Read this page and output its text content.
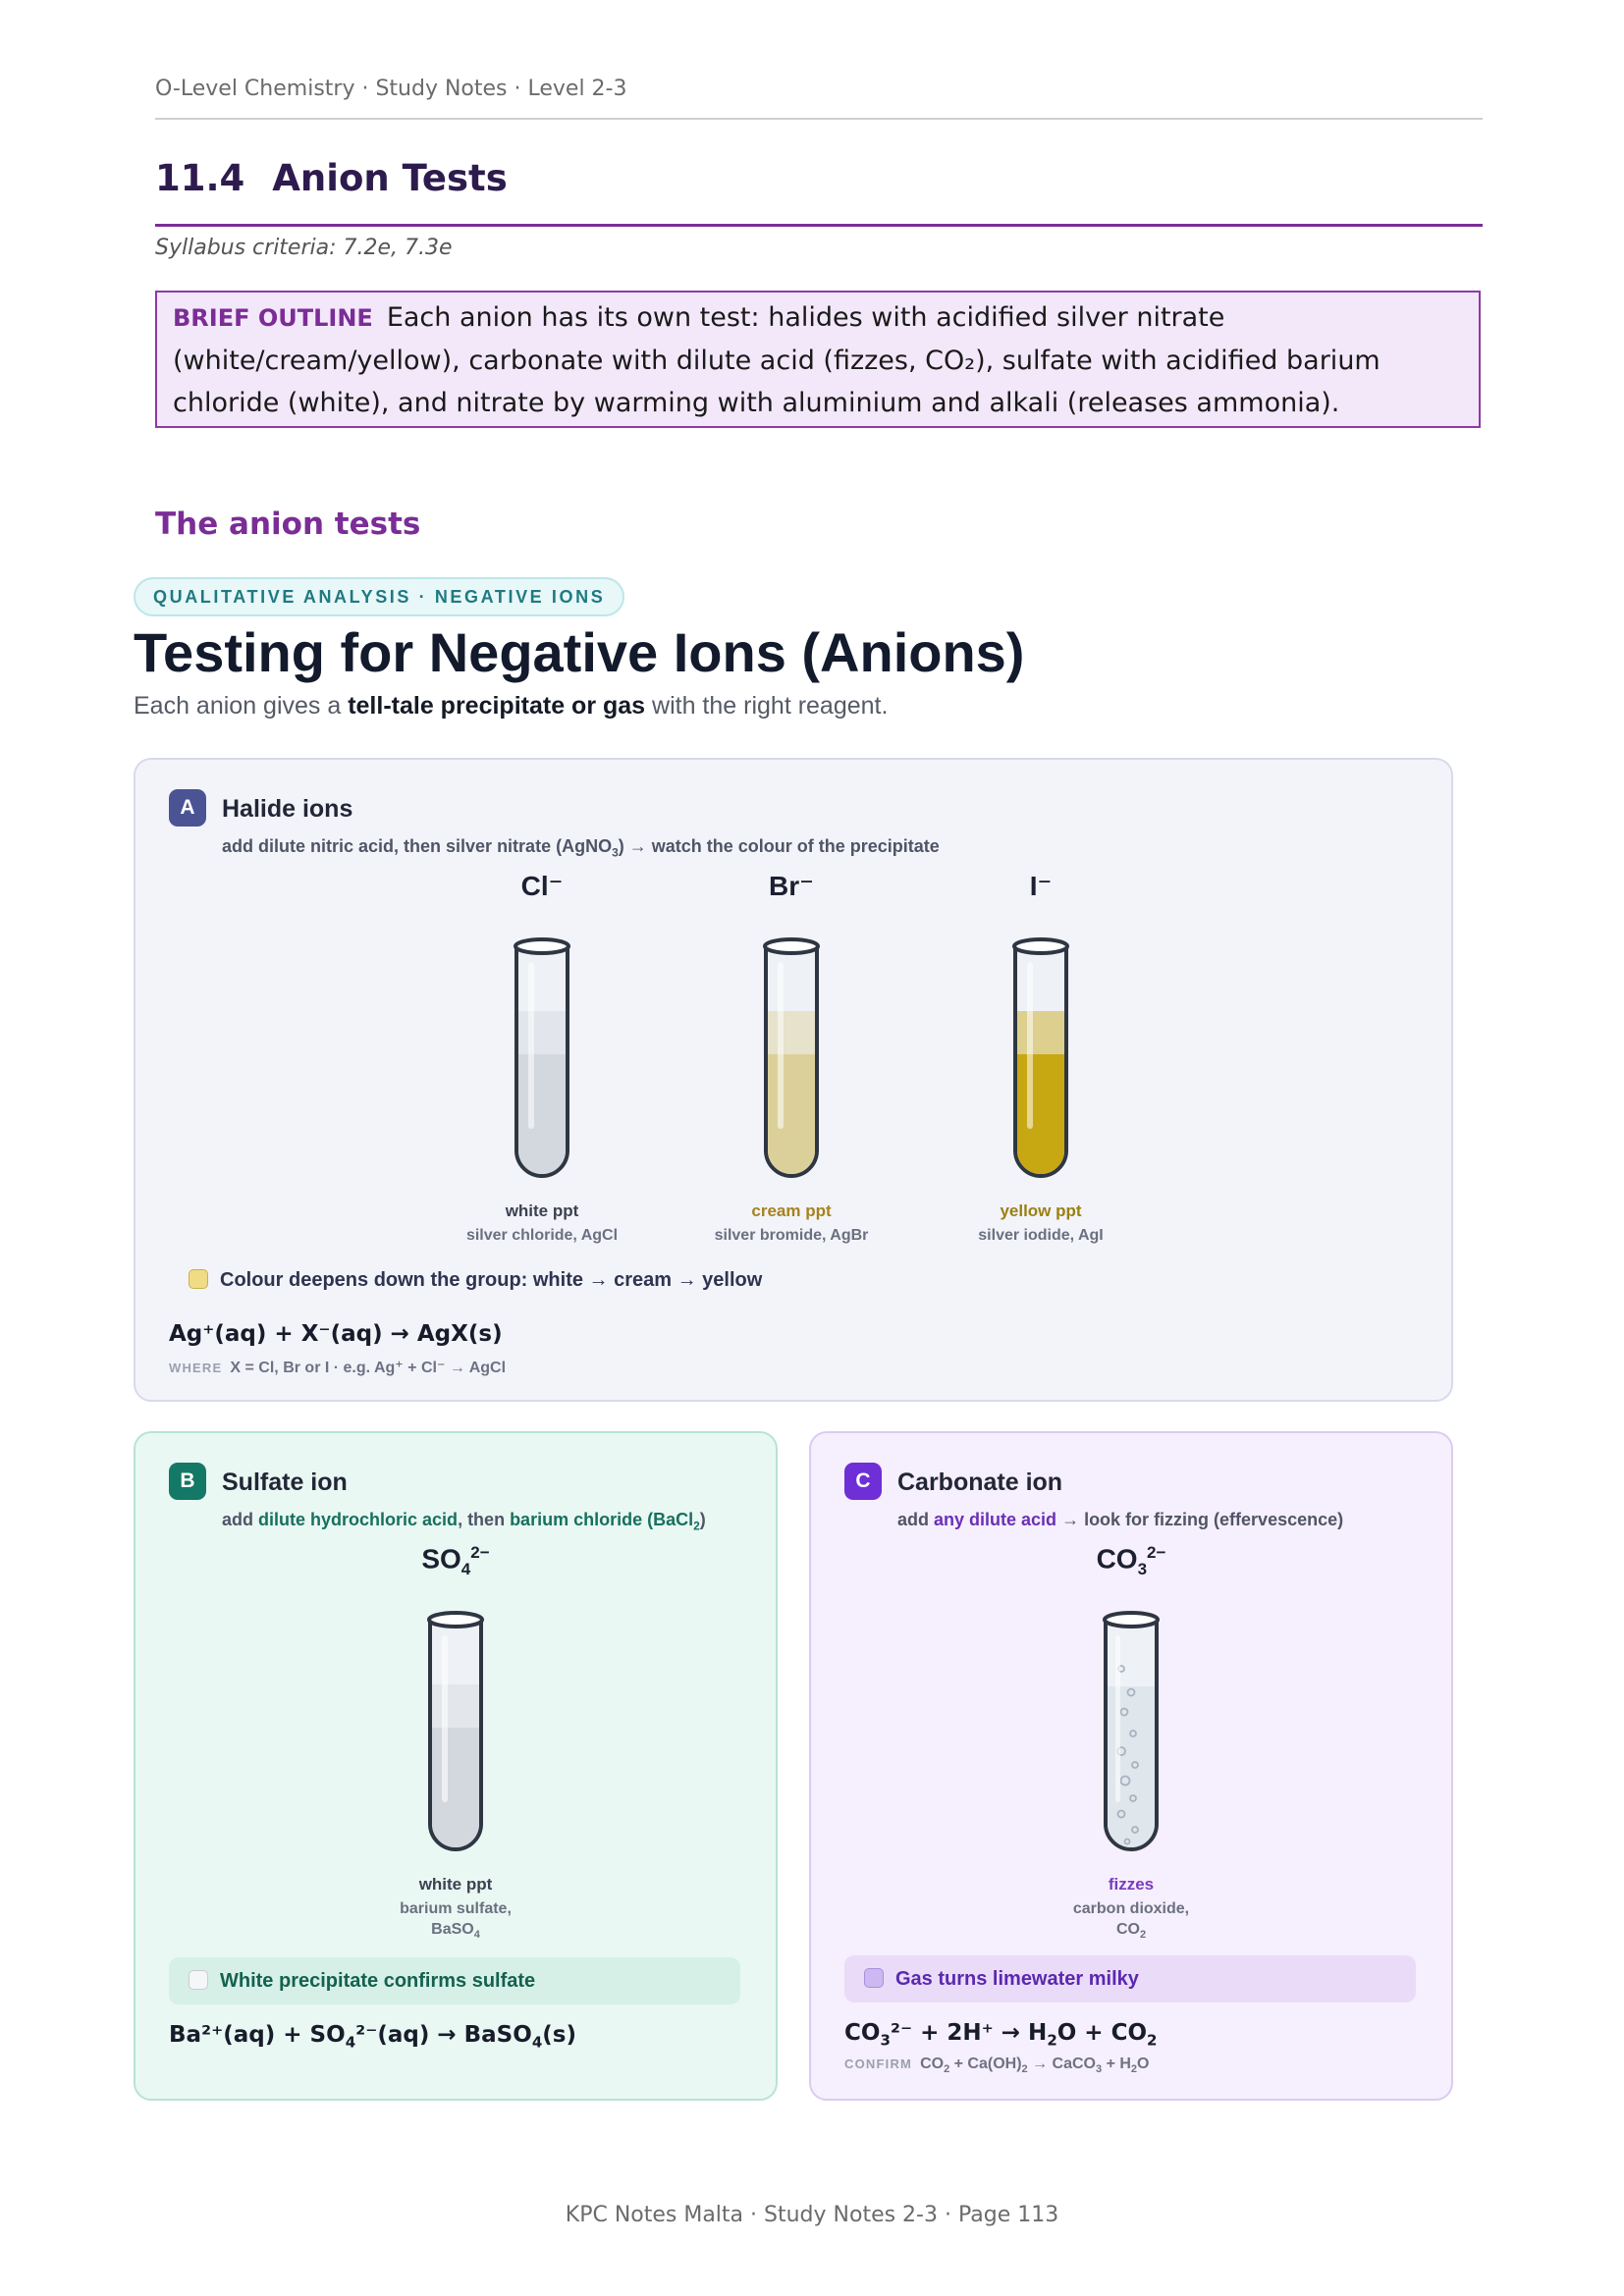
O-Level Chemistry · Study Notes · Level 2-3
11.4 Anion Tests
Syllabus criteria: 7.2e, 7.3e
BRIEF OUTLINE Each anion has its own test: halides with acidified silver nitrate (white/cream/yellow), carbonate with dilute acid (fizzes, CO₂), sulfate with acidified barium chloride (white), and nitrate by warming with aluminium and alkali (releases ammonia).
The anion tests
QUALITATIVE ANALYSIS · NEGATIVE IONS
Testing for Negative Ions (Anions)
Each anion gives a tell-tale precipitate or gas with the right reagent.
A	Halide ions
add dilute nitric acid, then silver nitrate (AgNO$_3$) → watch the colour of the precipitate
Cl⁻
white ppt
silver chloride, AgCl
Br⁻
cream ppt
silver bromide, AgBr
I⁻
yellow ppt
silver iodide, AgI
Colour deepens down the group: white → cream → yellow
Ag⁺(aq) + X⁻(aq) → AgX(s)
WHERE X = Cl, Br or I · e.g. Ag⁺ + Cl⁻ → AgCl
B	Sulfate ion
add dilute hydrochloric acid, then barium chloride (BaCl$_2$)
$SO_4^{2-}$
white ppt
barium sulfate,
BaSO$_4$
White precipitate confirms sulfate
$Ba^{2+}(aq) + SO_4^{2-}(aq)$ → BaSO$_4$(s)
C	Carbonate ion
add any dilute acid → look for fizzing (effervescence)
$CO_3^{2-}$
fizzes
carbon dioxide,
$CO_2$
Gas turns limewater milky
$CO_3^{2-} + 2H^+ \to H_2O + CO_2$
CONFIRM $CO_2 + Ca(OH)_2$ → CaCO$_3$ + $H_2O$
KPC Notes Malta · Study Notes 2-3 · Page 113
